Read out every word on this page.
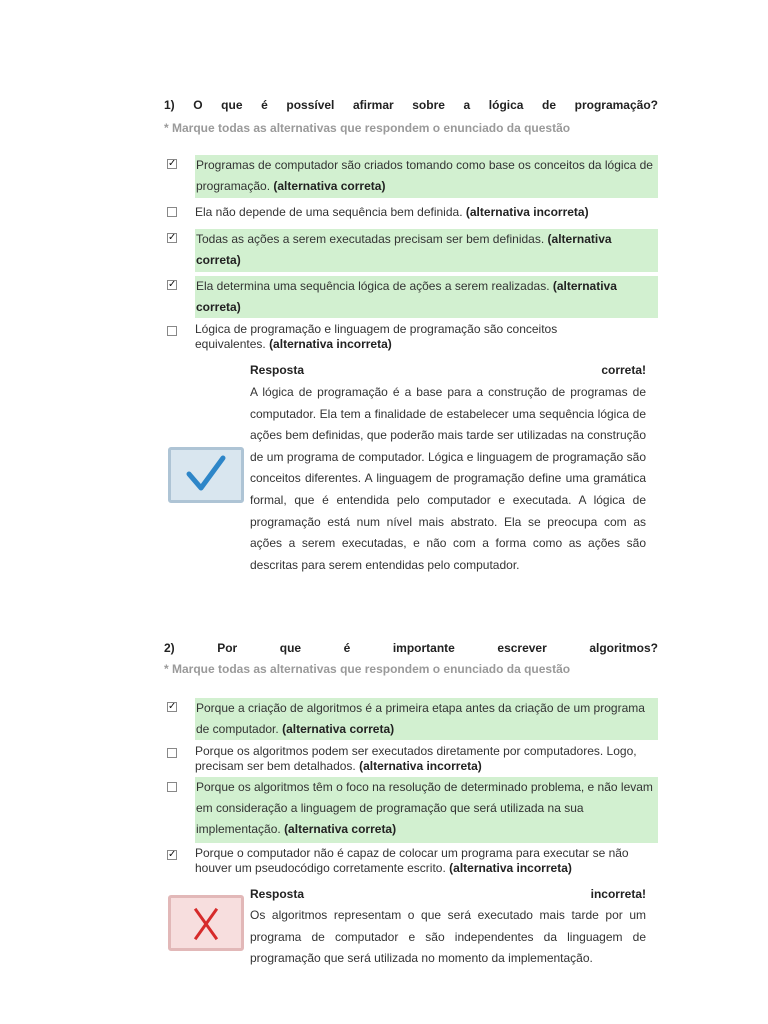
1) O que é possível afirmar sobre a lógica de programação?
* Marque todas as alternativas que respondem o enunciado da questão
✓
Programas de computador são criados tomando como base os conceitos da lógica de programação. (alternativa correta)
Ela não depende de uma sequência bem definida. (alternativa incorreta)
✓
Todas as ações a serem executadas precisam ser bem definidas. (alternativa correta)
✓
Ela determina uma sequência lógica de ações a serem realizadas. (alternativa correta)
Lógica de programação e linguagem de programação são conceitos equivalentes. (alternativa incorreta)
Resposta	correta!
A lógica de programação é a base para a construção de programas de computador. Ela tem a finalidade de estabelecer uma sequência lógica de ações bem definidas, que poderão mais tarde ser utilizadas na construção de um programa de computador. Lógica e linguagem de programação são conceitos diferentes. A linguagem de programação define uma gramática formal, que é entendida pelo computador e executada. A lógica de programação está num nível mais abstrato. Ela se preocupa com as ações a serem executadas, e não com a forma como as ações são descritas para serem entendidas pelo computador.
2)	Por que é importante escrever algoritmos?
* Marque todas as alternativas que respondem o enunciado da questão
✓
Porque a criação de algoritmos é a primeira etapa antes da criação de um programa de computador. (alternativa correta)
Porque os algoritmos podem ser executados diretamente por computadores. Logo, precisam ser bem detalhados. (alternativa incorreta)
Porque os algoritmos têm o foco na resolução de determinado problema, e não levam em consideração a linguagem de programação que será utilizada na sua implementação. (alternativa correta)
✓
Porque o computador não é capaz de colocar um programa para executar se não houver um pseudocódigo corretamente escrito. (alternativa incorreta)
Resposta	incorreta!
Os algoritmos representam o que será executado mais tarde por um programa de computador e são independentes da linguagem de programação que será utilizada no momento da implementação.
